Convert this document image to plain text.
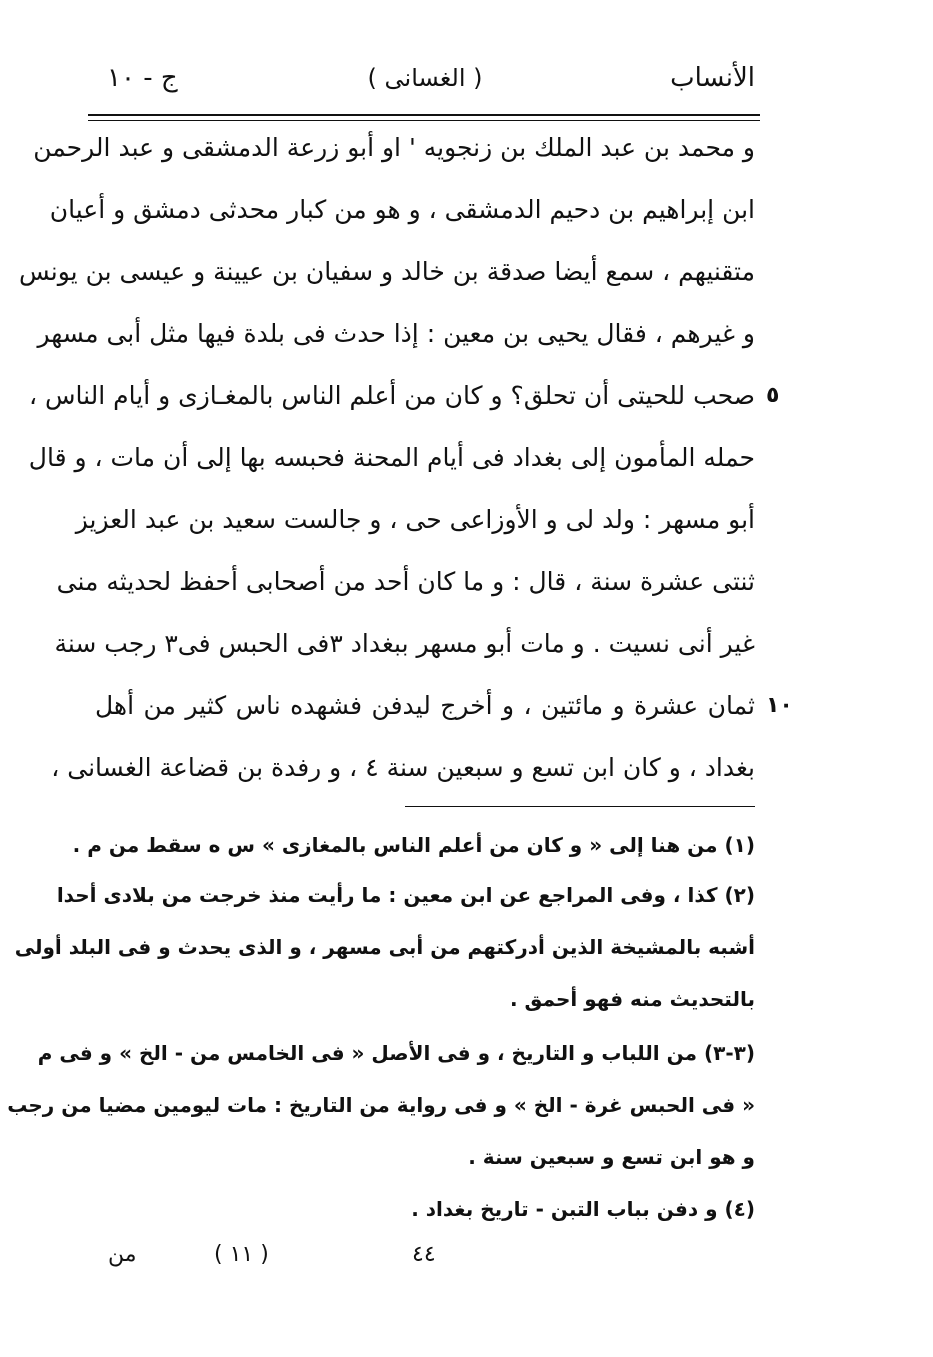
الأنساب
( الغسانى )
ج - ١٠
و محمد بن عبد الملك بن زنجويه ' او أبو زرعة الدمشقى و عبد الرحمن
ابن إبراهيم بن دحيم الدمشقى ، و هو من كبار محدثى دمشق و أعيان
متقنيهم ، سمع أيضا صدقة بن خالد و سفيان بن عيينة و عيسى بن يونس
و غيرهم ، فقال يحيى بن معين : إذا حدث فى بلدة فيها مثل أبى مسهر
صحب للحيتى أن تحلق؟ و كان من أعلم الناس بالمغـازى و أيام الناس ،
حمله المأمون إلى بغداد فى أيام المحنة فحبسه بها إلى أن مات ، و قال
أبو مسهر : ولد لى و الأوزاعى حى ، و جالست سعيد بن عبد العزيز
ثنتى عشرة سنة ، قال : و ما كان أحد من أصحابى أحفظ لحديثه منى
غير أنى نسيت . و مات أبو مسهر ببغداد ٣فى الحبس فى٣ رجب سنة
ثمان عشرة و مائتين ، و أخرج ليدفن فشهده ناس كثير من أهل
بغداد ، و كان ابن تسع و سبعين سنة ٤ ، و رفدة بن قضاعة الغسانى ،
٥
١٠
(١) من هنا إلى « و كان من أعلم الناس بالمغازى » س ه سقط من م .
(٢) كذا ، وفى المراجع عن ابن معين : ما رأيت منذ خرجت من بلادى أحدا
أشبه بالمشيخة الذين أدركتهم من أبى مسهر ، و الذى يحدث و فى البلد أولى
بالتحديث منه فهو أحمق .
(٣-٣) من اللباب و التاريخ ، و فى الأصل « فى الخامس من - الخ » و فى م
« فى الحبس غرة - الخ » و فى رواية من التاريخ : مات ليومين مضيا من رجب
و هو ابن تسع و سبعين سنة .
(٤) و دفن بباب التبن - تاريخ بغداد .
من	( ١١ )	٤٤
